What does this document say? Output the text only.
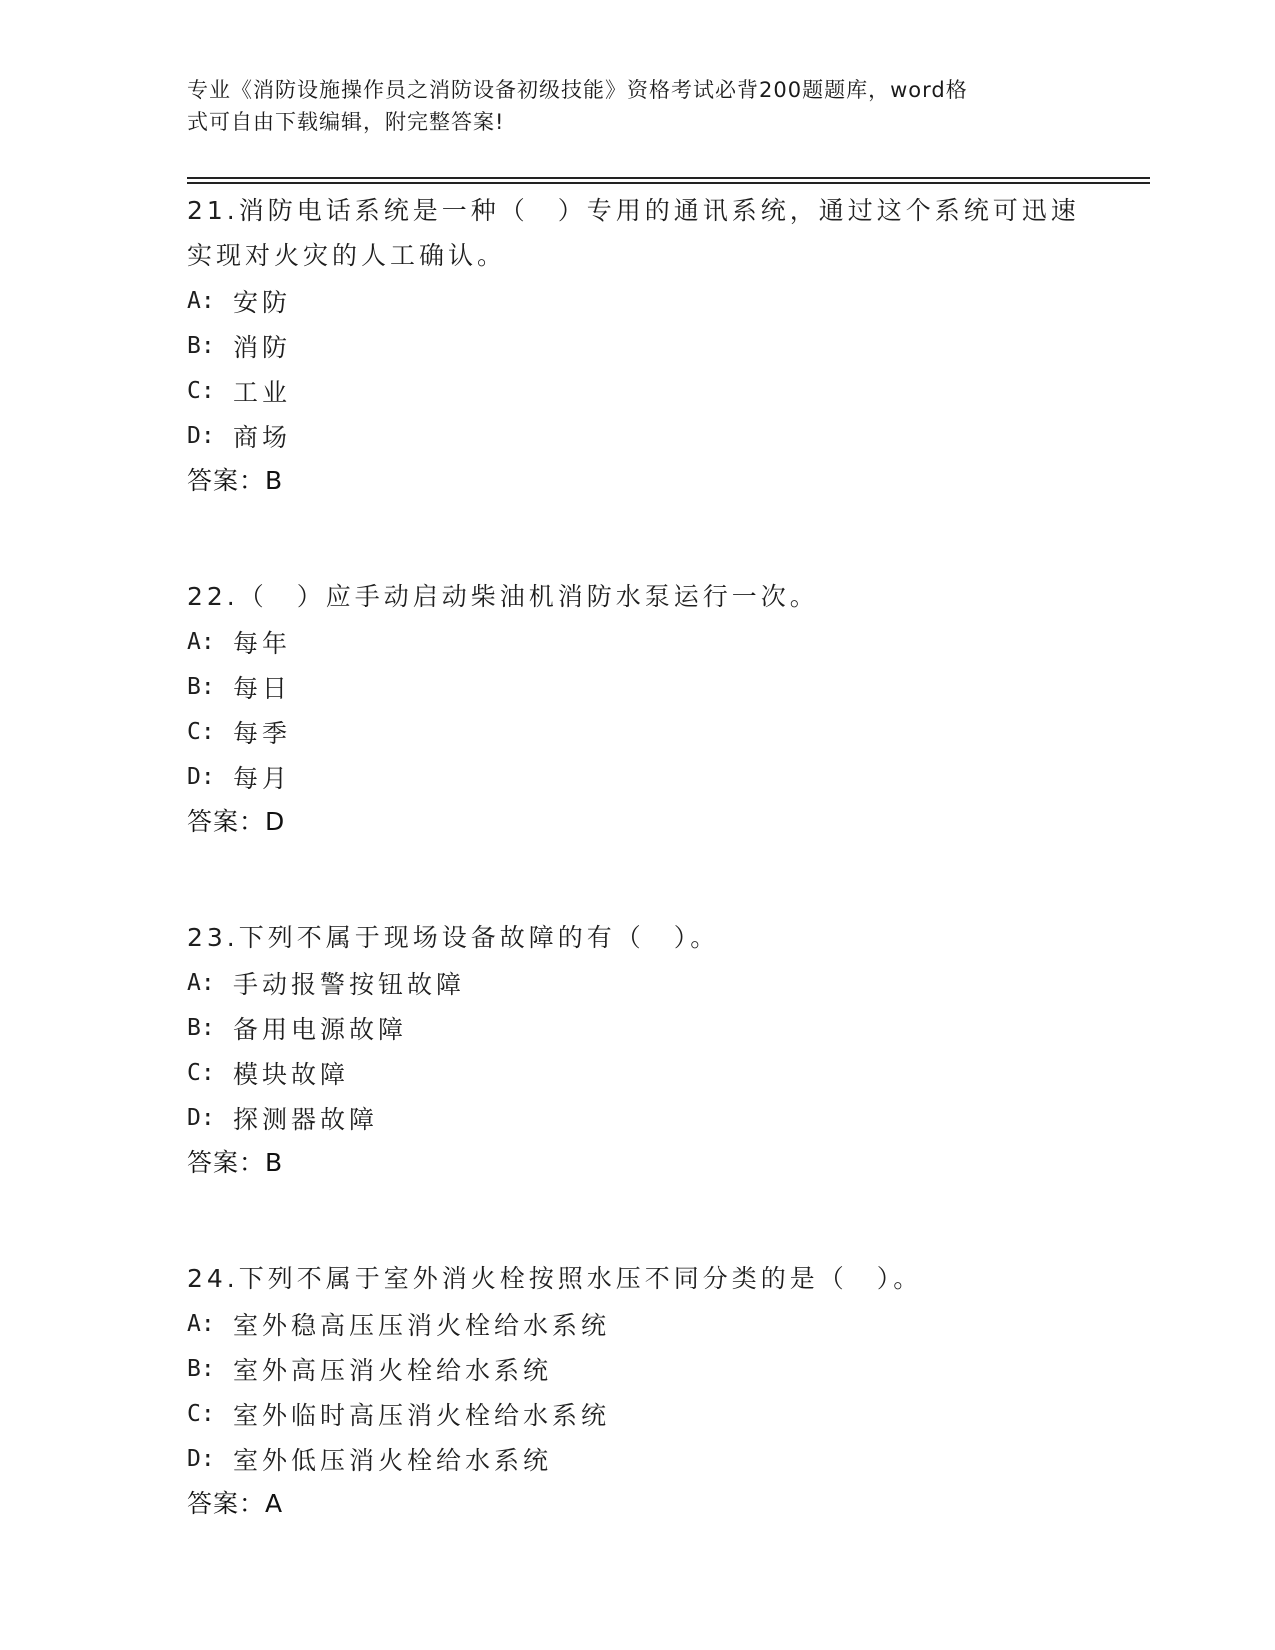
专业《消防设施操作员之消防设备初级技能》资格考试必背200题题库，word格
式可自由下载编辑，附完整答案!
21.消防电话系统是一种（　）专用的通讯系统，通过这个系统可迅速
实现对火灾的人工确认。
A: 安防
B: 消防
C: 工业
D: 商场
答案：B
22.（　）应手动启动柴油机消防水泵运行一次。
A: 每年
B: 每日
C: 每季
D: 每月
答案：D
23.下列不属于现场设备故障的有（　）。
A: 手动报警按钮故障
B: 备用电源故障
C: 模块故障
D: 探测器故障
答案：B
24.下列不属于室外消火栓按照水压不同分类的是（　）。
A: 室外稳高压压消火栓给水系统
B: 室外高压消火栓给水系统
C: 室外临时高压消火栓给水系统
D: 室外低压消火栓给水系统
答案：A
